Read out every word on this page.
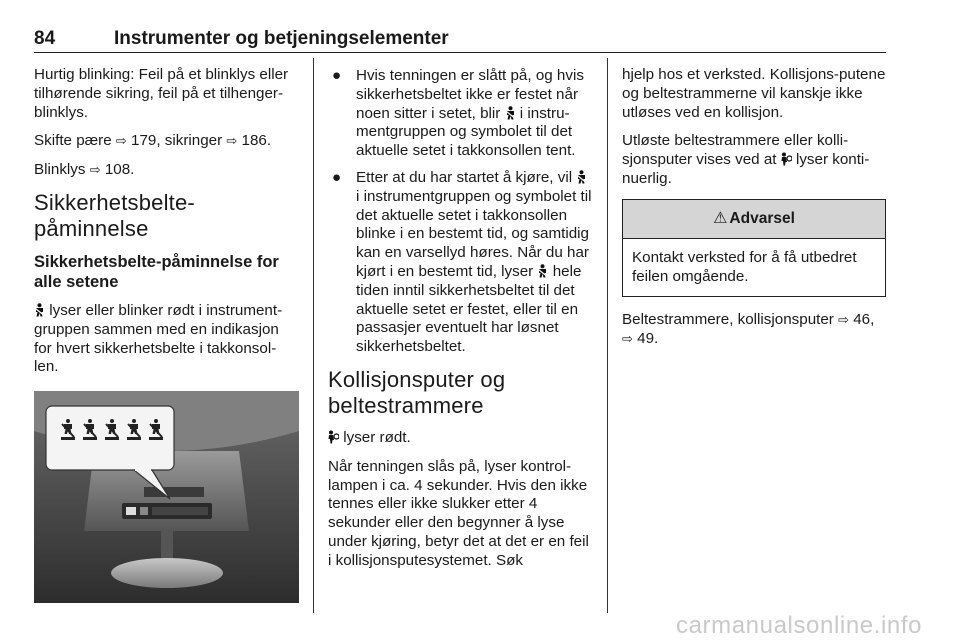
84	Instrumenter og betjeningselementer

Hurtig blinking: Feil på et blinklys eller tilhørende sikring, feil på et tilhenger-blinklys.

Skifte pære ⇨ 179, sikringer ⇨ 186.

Blinklys ⇨ 108.

Sikkerhetsbelte-påminnelse
Sikkerhetsbelte-påminnelse for alle setene

lyser eller blinker rødt i instrument-gruppen sammen med en indikasjon for hvert sikkerhetsbelte i takkonsol-len.

● Hvis tenningen er slått på, og hvis sikkerhetsbeltet ikke er festet når noen sitter i setet, blir  i instru-mentgruppen og symbolet til det aktuelle setet i takkonsollen tent.
● Etter at du har startet å kjøre, vil  i instrumentgruppen og symbolet til det aktuelle setet i takkonsollen blinke i en bestemt tid, og samtidig kan en varsellyd høres. Når du har kjørt i en bestemt tid, lyser  hele tiden inntil sikkerhetsbeltet til det aktuelle setet er festet, eller til en passasjer eventuelt har løsnet sikkerhetsbeltet.
Kollisjonsputer og beltestrammere

lyser rødt.

Når tenningen slås på, lyser kontrol-lampen i ca. 4 sekunder. Hvis den ikke tennes eller ikke slukker etter 4 sekunder eller den begynner å lyse under kjøring, betyr det at det er en feil i kollisjonsputesystemet. Søk

hjelp hos et verksted. Kollisjons-putene og beltestrammerne vil kanskje ikke utløses ved en kollisjon.

Utløste beltestrammere eller kolli-sjonsputer vises ved at  lyser konti-nuerlig.

⚠ Advarsel
Kontakt verksted for å få utbedret feilen omgående.

Beltestrammere, kollisjonsputer ⇨ 46,
⇨ 49.

carmanualsonline.info
